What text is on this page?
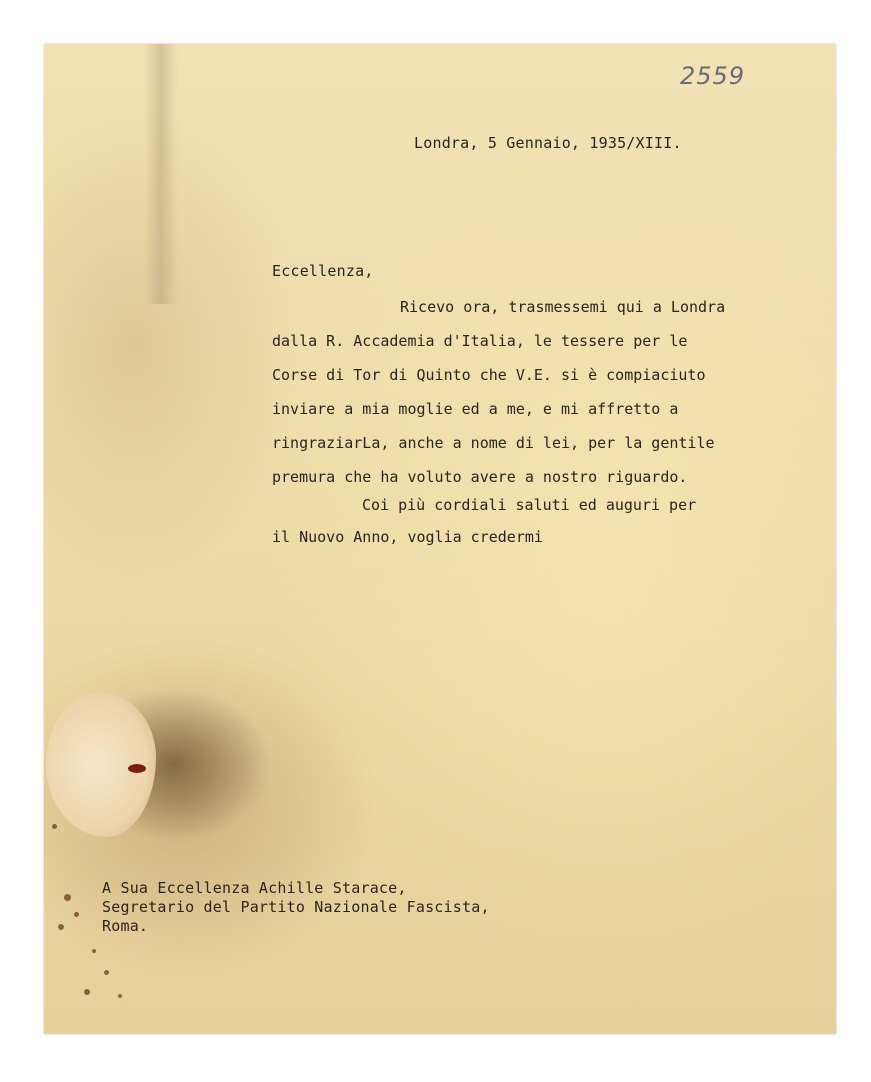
2559
Londra, 5 Gennaio, 1935/XIII.
Eccellenza,
Ricevo ora, trasmessemi qui a Londra
dalla R. Accademia d'Italia, le tessere per le
Corse di Tor di Quinto che V.E. si è compiaciuto
inviare a mia moglie ed a me, e mi affretto a
ringraziarLa, anche a nome di lei, per la gentile
premura che ha voluto avere a nostro riguardo.
Coi più cordiali saluti ed auguri per
il Nuovo Anno, voglia credermi
A Sua Eccellenza Achille Starace,
Segretario del Partito Nazionale Fascista,
Roma.
